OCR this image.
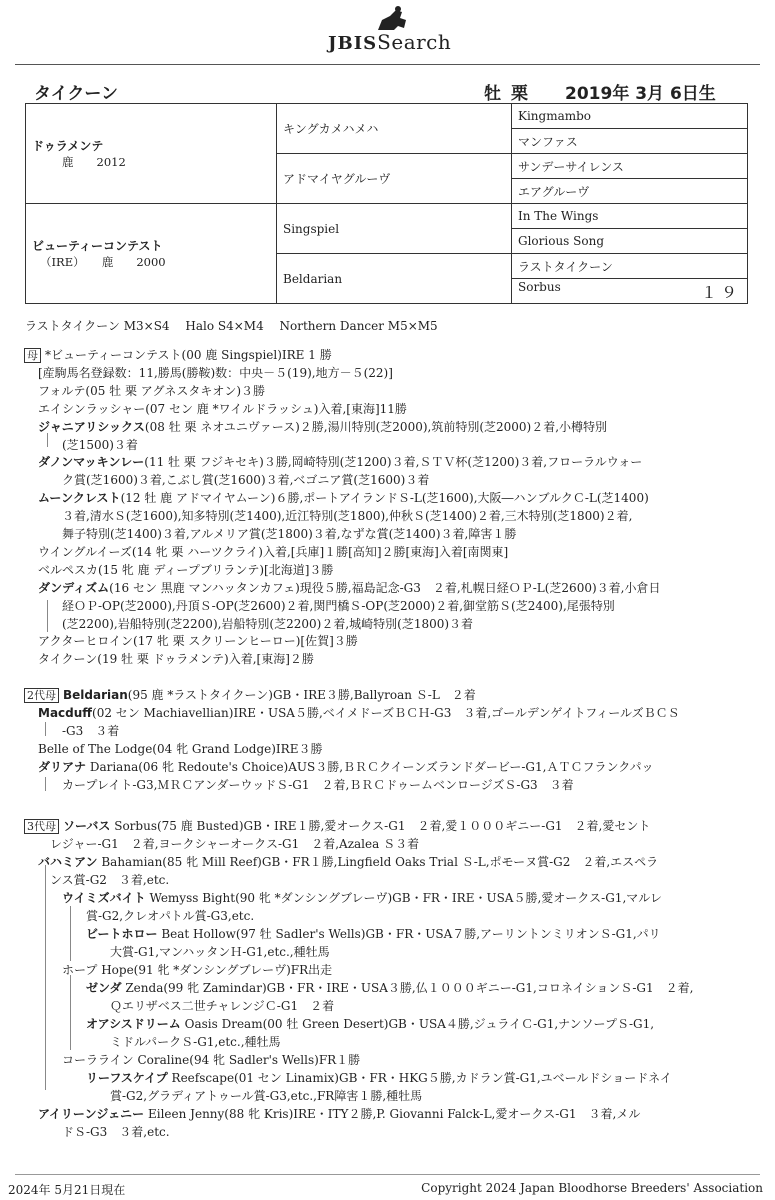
JBISSearch
タイクーン	牡 栗 2019年 3月 6日生
ドゥラメンテ
鹿　　2012	キングカメハメハ	Kingmambo
		マンファス
	アドマイヤグルーヴ	サンデーサイレンス
		エアグルーヴ

ビューティーコンテスト
（IRE）　　鹿　　2000	Singspiel	In The Wings
		Glorious Song
	Beldarian	ラストタイクーン
		Sorbus １９
ラストタイクーン M3×S4　 Halo S4×M4　 Northern Dancer M5×M5
母 *ビューティーコンテスト(00 鹿 Singspiel)IRE 1 勝
[産駒馬名登録数：11,勝馬(勝鞍)数：中央－５(19),地方－５(22)]
フォルテ(05 牡 栗 アグネスタキオン)３勝
エイシンラッシャー(07 セン 鹿 *ワイルドラッシュ)入着,[東海]11勝
ジャニアリシックス(08 牡 栗 ネオユニヴァース)２勝,湯川特別(芝2000),筑前特別(芝2000)２着,小樽特別
(芝1500)３着
ダノンマッキンレー(11 牡 栗 フジキセキ)３勝,岡崎特別(芝1200)３着,ＳＴＶ杯(芝1200)３着,フローラルウォー
ク賞(芝1600)３着,こぶし賞(芝1600)３着,ベゴニア賞(芝1600)３着
ムーンクレスト(12 牡 鹿 アドマイヤムーン)６勝,ポートアイランドＳ-L(芝1600),大阪―ハンブルクＣ-L(芝1400)
３着,清水Ｓ(芝1600),知多特別(芝1400),近江特別(芝1800),仲秋Ｓ(芝1400)２着,三木特別(芝1800)２着,
舞子特別(芝1400)３着,アルメリア賞(芝1800)３着,なずな賞(芝1400)３着,障害１勝
ウイングルイーズ(14 牝 栗 ハーツクライ)入着,[兵庫]１勝[高知]２勝[東海]入着[南関東]
ベルペスカ(15 牝 鹿 ディープブリランテ)[北海道]３勝
ダンディズム(16 セン 黒鹿 マンハッタンカフェ)現役５勝,福島記念-G3　２着,札幌日経ＯＰ-L(芝2600)３着,小倉日
経ＯＰ-OP(芝2000),丹頂Ｓ-OP(芝2600)２着,関門橋Ｓ-OP(芝2000)２着,御堂筋Ｓ(芝2400),尾張特別
(芝2200),岩船特別(芝2200),岩船特別(芝2200)２着,城崎特別(芝1800)３着
アクターヒロイン(17 牝 栗 スクリーンヒーロー)[佐賀]３勝
タイクーン(19 牡 栗 ドゥラメンテ)入着,[東海]２勝
2代母 Beldarian(95 鹿 *ラストタイクーン)GB・IRE３勝,Ballyroan Ｓ-L　２着
Macduff(02 セン Machiavellian)IRE・USA５勝,ベイメドーズＢＣＨ-G3　３着,ゴールデンゲイトフィールズＢＣＳ
-G3　３着
Belle of The Lodge(04 牝 Grand Lodge)IRE３勝
ダリアナ Dariana(06 牝 Redoute's Choice)AUS３勝,ＢＲＣクイーンズランドダービー-G1,ＡＴＣフランクパッ
カープレイト-G3,ＭＲＣアンダーウッドＳ-G1　２着,ＢＲＣドゥームベンロージズＳ-G3　３着
3代母 ソーバス Sorbus(75 鹿 Busted)GB・IRE１勝,愛オークス-G1　２着,愛１０００ギニー-G1　２着,愛セント
レジャー-G1　２着,ヨークシャーオークス-G1　２着,Azalea Ｓ３着
バハミアン Bahamian(85 牝 Mill Reef)GB・FR１勝,Lingfield Oaks Trial Ｓ-L,ポモーヌ賞-G2　２着,エスペラ
ンス賞-G2　３着,etc.
ウイミズバイト Wemyss Bight(90 牝 *ダンシングブレーヴ)GB・FR・IRE・USA５勝,愛オークス-G1,マルレ
賞-G2,クレオパトル賞-G3,etc.
ビートホロー Beat Hollow(97 牡 Sadler's Wells)GB・FR・USA７勝,アーリントンミリオンＳ-G1,パリ
大賞-G1,マンハッタンＨ-G1,etc.,種牡馬
ホープ Hope(91 牝 *ダンシングブレーヴ)FR出走
ゼンダ Zenda(99 牝 Zamindar)GB・FR・IRE・USA３勝,仏１０００ギニー-G1,コロネイションＳ-G1　２着,
Ｑエリザベス二世チャレンジＣ-G1　２着
オアシスドリーム Oasis Dream(00 牡 Green Desert)GB・USA４勝,ジュライＣ-G1,ナンソープＳ-G1,
ミドルパークＳ-G1,etc.,種牡馬
コーラライン Coraline(94 牝 Sadler's Wells)FR１勝
リーフスケイプ Reefscape(01 セン Linamix)GB・FR・HKG５勝,カドラン賞-G1,ユベールドショードネイ
賞-G2,グラディアトゥール賞-G3,etc.,FR障害１勝,種牡馬
アイリーンジェニー Eileen Jenny(88 牝 Kris)IRE・ITY２勝,P. Giovanni Falck-L,愛オークス-G1　３着,メル
ドＳ-G3　３着,etc.
2024年 5月21日現在	Copyright 2024 Japan Bloodhorse Breeders' Association
